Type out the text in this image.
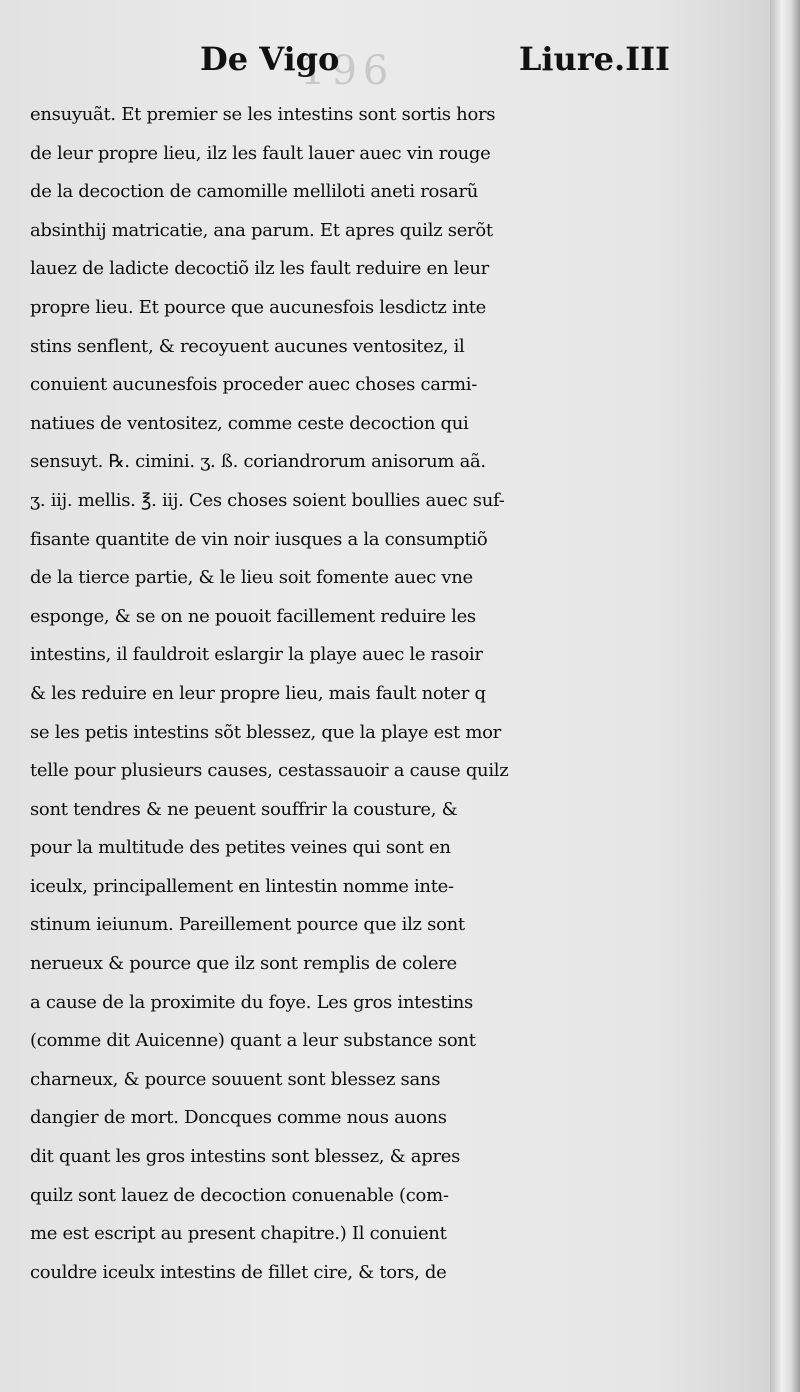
196
De Vigo	Liure.III
ensuyuãt. Et premier se les intestins sont sortis hors
de leur propre lieu, ilz les fault lauer auec vin rouge
de la decoction de camomille melliloti aneti rosarũ
absinthij matricatie, ana parum. Et apres quilz serõt
lauez de ladicte decoctiõ ilz les fault reduire en leur
propre lieu. Et pource que aucunesfois lesdictz inte
stins senflent, & recoyuent aucunes ventositez, il
conuient aucunesfois proceder auec choses carmi-
natiues de ventositez, comme ceste decoction qui
sensuyt. ℞. cimini. ʒ. ß. coriandrorum anisorum aã.
ʒ. iij. mellis. ℥. iij. Ces choses soient boullies auec suf-
fisante quantite de vin noir iusques a la consumptiõ
de la tierce partie, & le lieu soit fomente auec vne
esponge, & se on ne pouoit facillement reduire les
intestins, il fauldroit eslargir la playe auec le rasoir
& les reduire en leur propre lieu, mais fault noter q
se les petis intestins sõt blessez, que la playe est mor
telle pour plusieurs causes, cestassauoir a cause quilz
sont tendres & ne peuent souffrir la cousture, &
pour la multitude des petites veines qui sont en
iceulx, principallement en lintestin nomme inte-
stinum ieiunum. Pareillement pource que ilz sont
nerueux & pource que ilz sont remplis de colere
a cause de la proximite du foye. Les gros intestins
(comme dit Auicenne) quant a leur substance sont
charneux, & pource souuent sont blessez sans
dangier de mort. Doncques comme nous auons
dit quant les gros intestins sont blessez, & apres
quilz sont lauez de decoction conuenable (com-
me est escript au present chapitre.) Il conuient
couldre iceulx intestins de fillet cire, & tors, de
